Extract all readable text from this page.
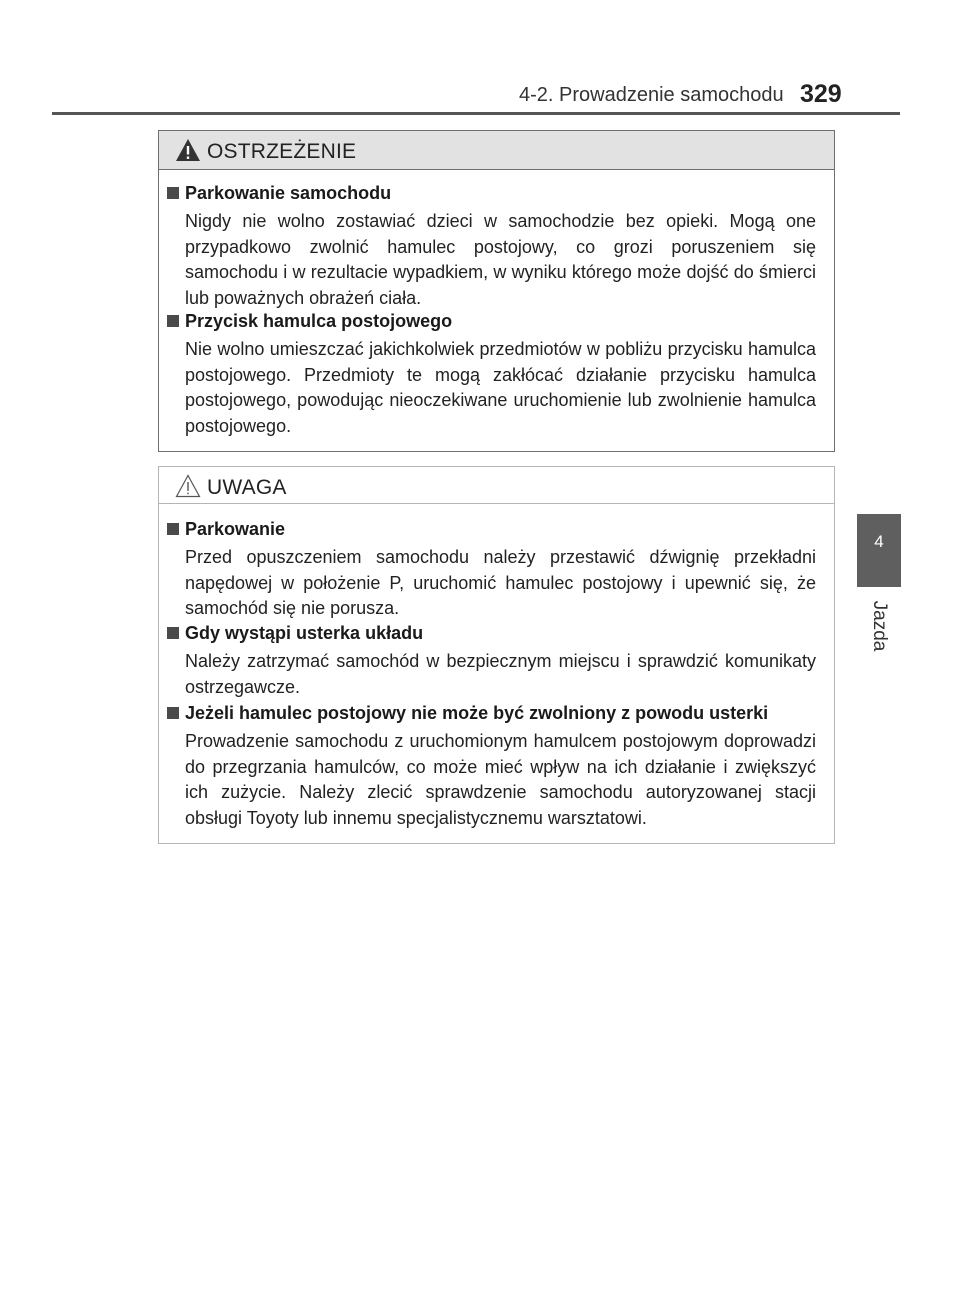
4-2. Prowadzenie samochodu 329
4
Jazda
OSTRZEŻENIE
Parkowanie samochodu
Nigdy nie wolno zostawiać dzieci w samochodzie bez opieki. Mogą one przypadkowo zwolnić hamulec postojowy, co grozi poruszeniem się samochodu i w rezultacie wypadkiem, w wyniku którego może dojść do śmierci lub poważnych obrażeń ciała.
Przycisk hamulca postojowego
Nie wolno umieszczać jakichkolwiek przedmiotów w pobliżu przycisku hamulca postojowego. Przedmioty te mogą zakłócać działanie przycisku hamulca postojowego, powodując nieoczekiwane uruchomienie lub zwolnienie hamulca postojowego.
UWAGA
Parkowanie
Przed opuszczeniem samochodu należy przestawić dźwignię przekładni napędowej w położenie P, uruchomić hamulec postojowy i upewnić się, że samochód się nie porusza.
Gdy wystąpi usterka układu
Należy zatrzymać samochód w bezpiecznym miejscu i sprawdzić komunikaty ostrzegawcze.
Jeżeli hamulec postojowy nie może być zwolniony z powodu usterki
Prowadzenie samochodu z uruchomionym hamulcem postojowym doprowadzi do przegrzania hamulców, co może mieć wpływ na ich działanie i zwiększyć ich zużycie. Należy zlecić sprawdzenie samochodu autoryzowanej stacji obsługi Toyoty lub innemu specjalistycznemu warsztatowi.
